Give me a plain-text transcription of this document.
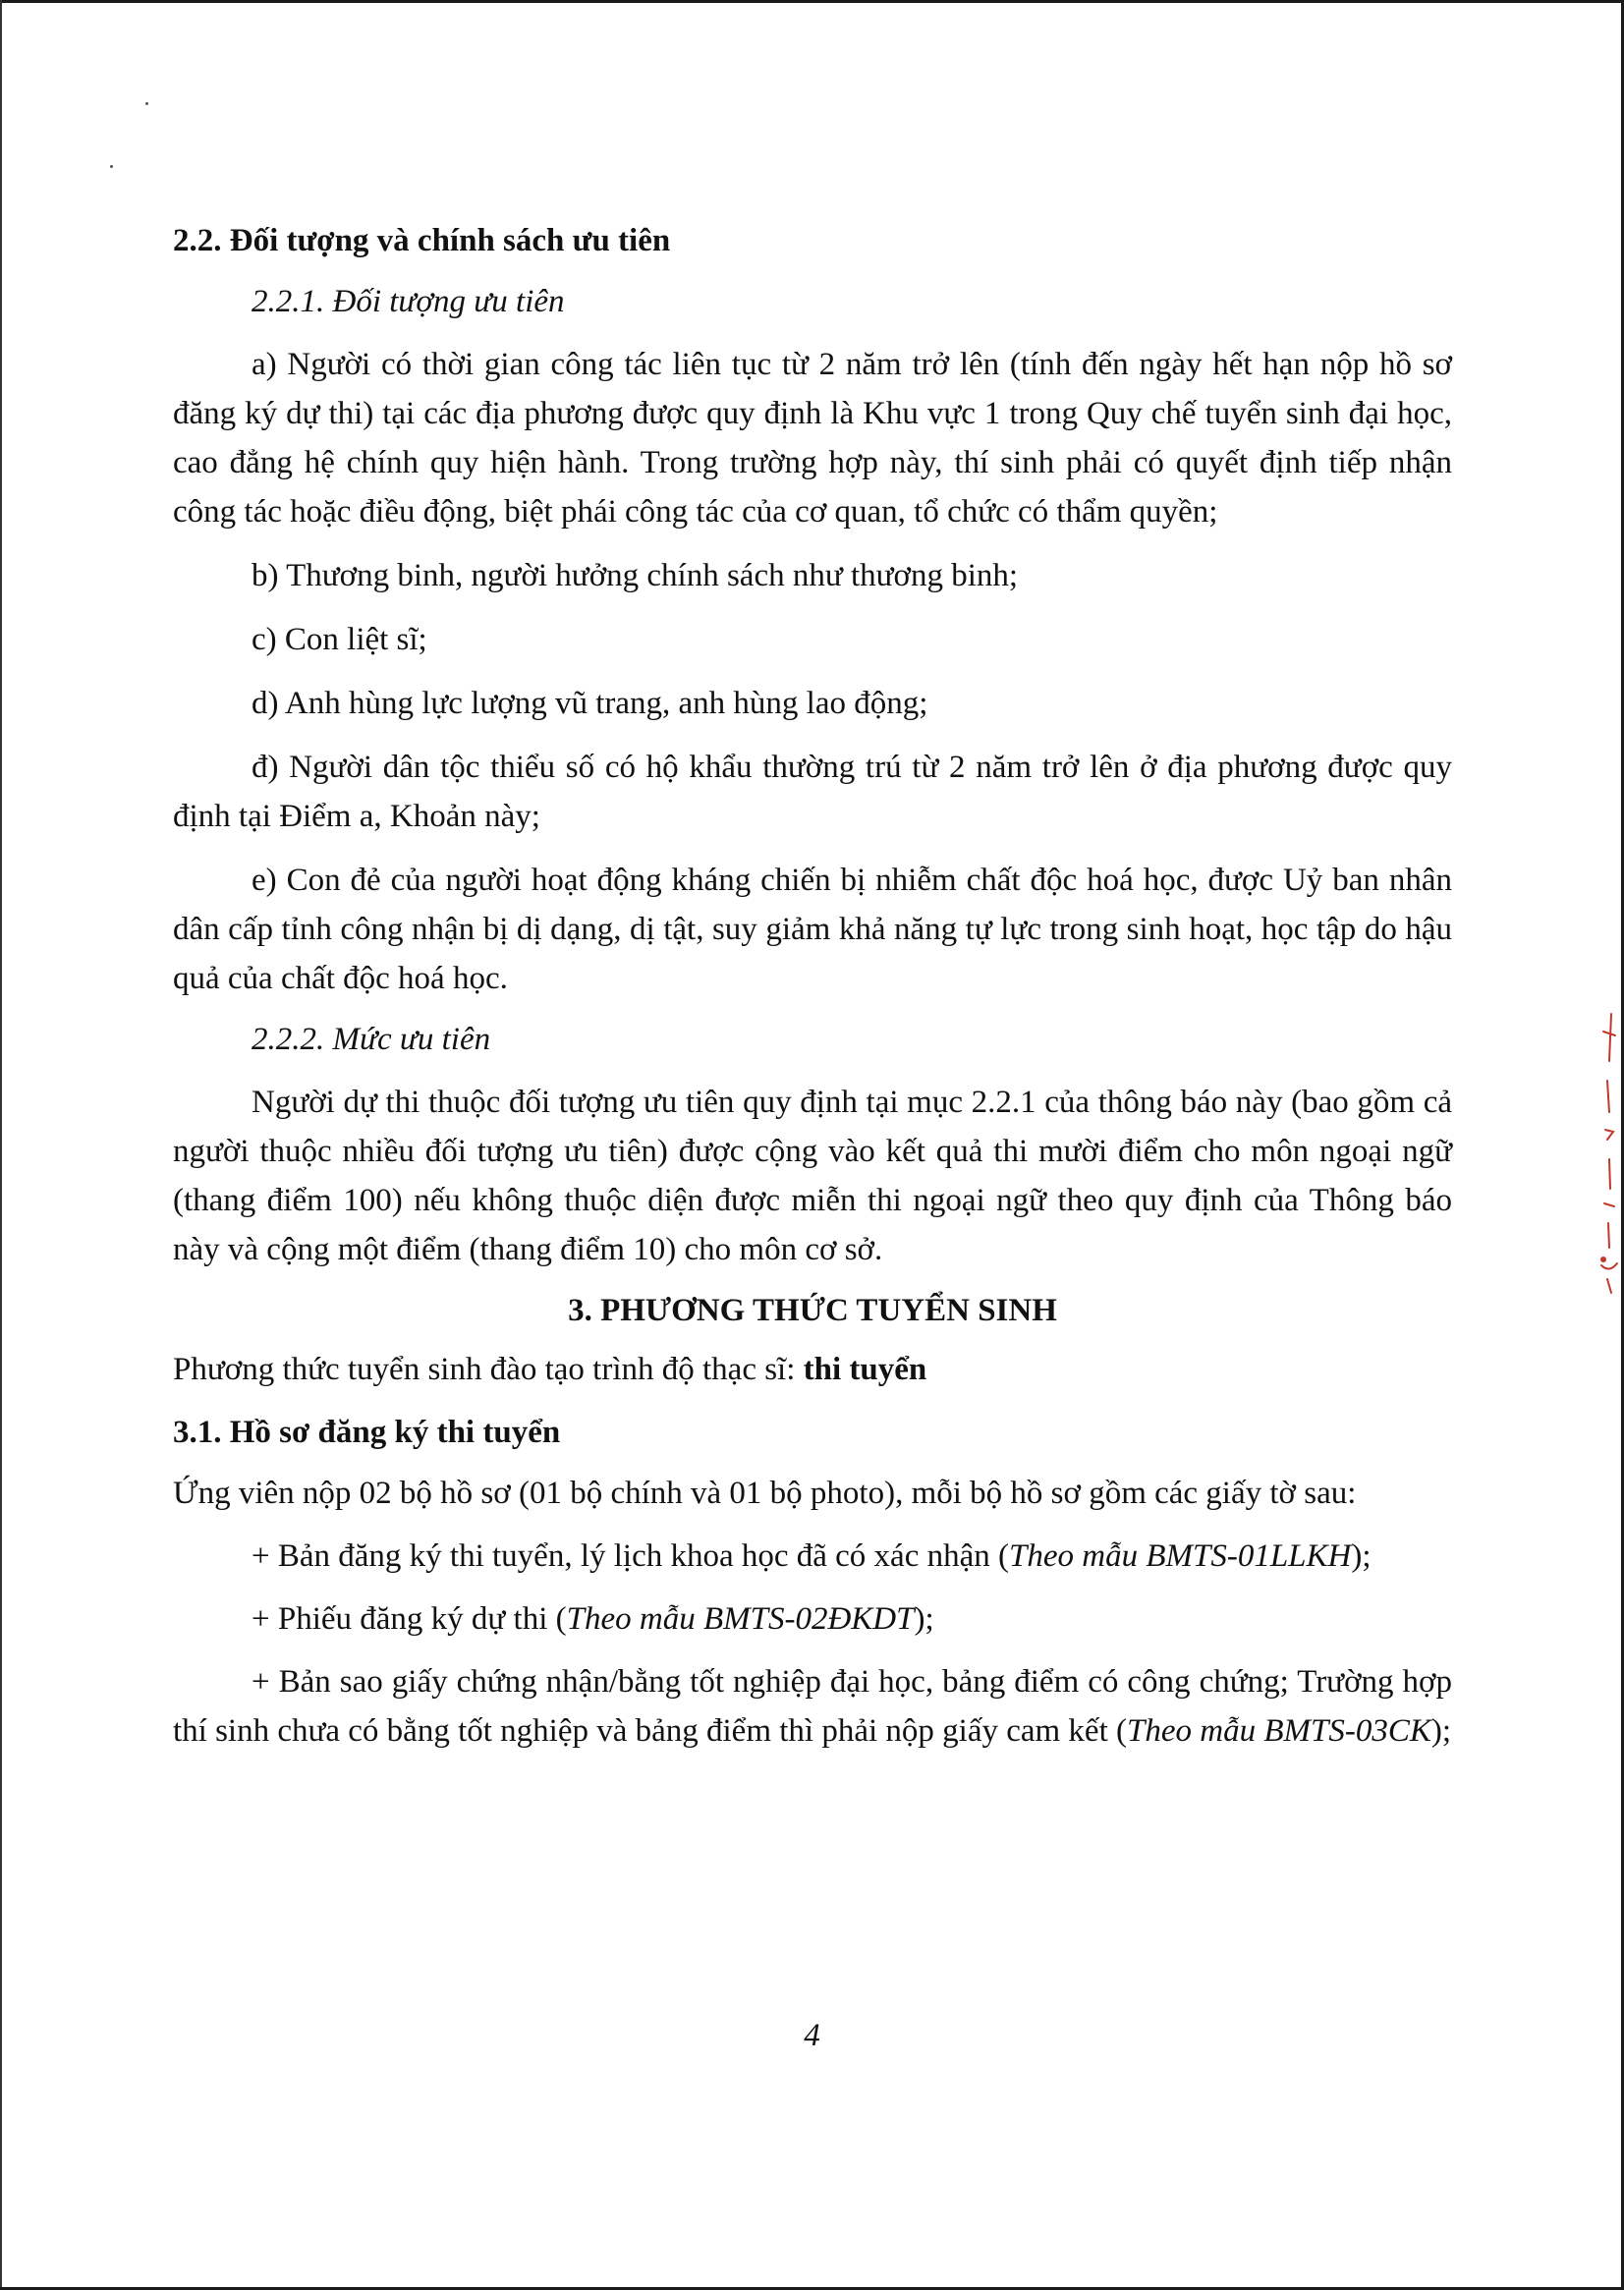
2.2. Đối tượng và chính sách ưu tiên

2.2.1. Đối tượng ưu tiên

a) Người có thời gian công tác liên tục từ 2 năm trở lên (tính đến ngày hết hạn nộp hồ sơ đăng ký dự thi) tại các địa phương được quy định là Khu vực 1 trong Quy chế tuyển sinh đại học, cao đẳng hệ chính quy hiện hành. Trong trường hợp này, thí sinh phải có quyết định tiếp nhận công tác hoặc điều động, biệt phái công tác của cơ quan, tổ chức có thẩm quyền;

b) Thương binh, người hưởng chính sách như thương binh;

c) Con liệt sĩ;

d) Anh hùng lực lượng vũ trang, anh hùng lao động;

đ) Người dân tộc thiểu số có hộ khẩu thường trú từ 2 năm trở lên ở địa phương được quy định tại Điểm a, Khoản này;

e) Con đẻ của người hoạt động kháng chiến bị nhiễm chất độc hoá học, được Uỷ ban nhân dân cấp tỉnh công nhận bị dị dạng, dị tật, suy giảm khả năng tự lực trong sinh hoạt, học tập do hậu quả của chất độc hoá học.

2.2.2. Mức ưu tiên

Người dự thi thuộc đối tượng ưu tiên quy định tại mục 2.2.1 của thông báo này (bao gồm cả người thuộc nhiều đối tượng ưu tiên) được cộng vào kết quả thi mười điểm cho môn ngoại ngữ (thang điểm 100) nếu không thuộc diện được miễn thi ngoại ngữ theo quy định của Thông báo này và cộng một điểm (thang điểm 10) cho môn cơ sở.

3. PHƯƠNG THỨC TUYỂN SINH

Phương thức tuyển sinh đào tạo trình độ thạc sĩ: thi tuyển

3.1. Hồ sơ đăng ký thi tuyển

Ứng viên nộp 02 bộ hồ sơ (01 bộ chính và 01 bộ photo), mỗi bộ hồ sơ gồm các giấy tờ sau:

+ Bản đăng ký thi tuyển, lý lịch khoa học đã có xác nhận (Theo mẫu BMTS-01LLKH);

+ Phiếu đăng ký dự thi (Theo mẫu BMTS-02ĐKDT);

+ Bản sao giấy chứng nhận/bằng tốt nghiệp đại học, bảng điểm có công chứng; Trường hợp thí sinh chưa có bằng tốt nghiệp và bảng điểm thì phải nộp giấy cam kết (Theo mẫu BMTS-03CK);

4
